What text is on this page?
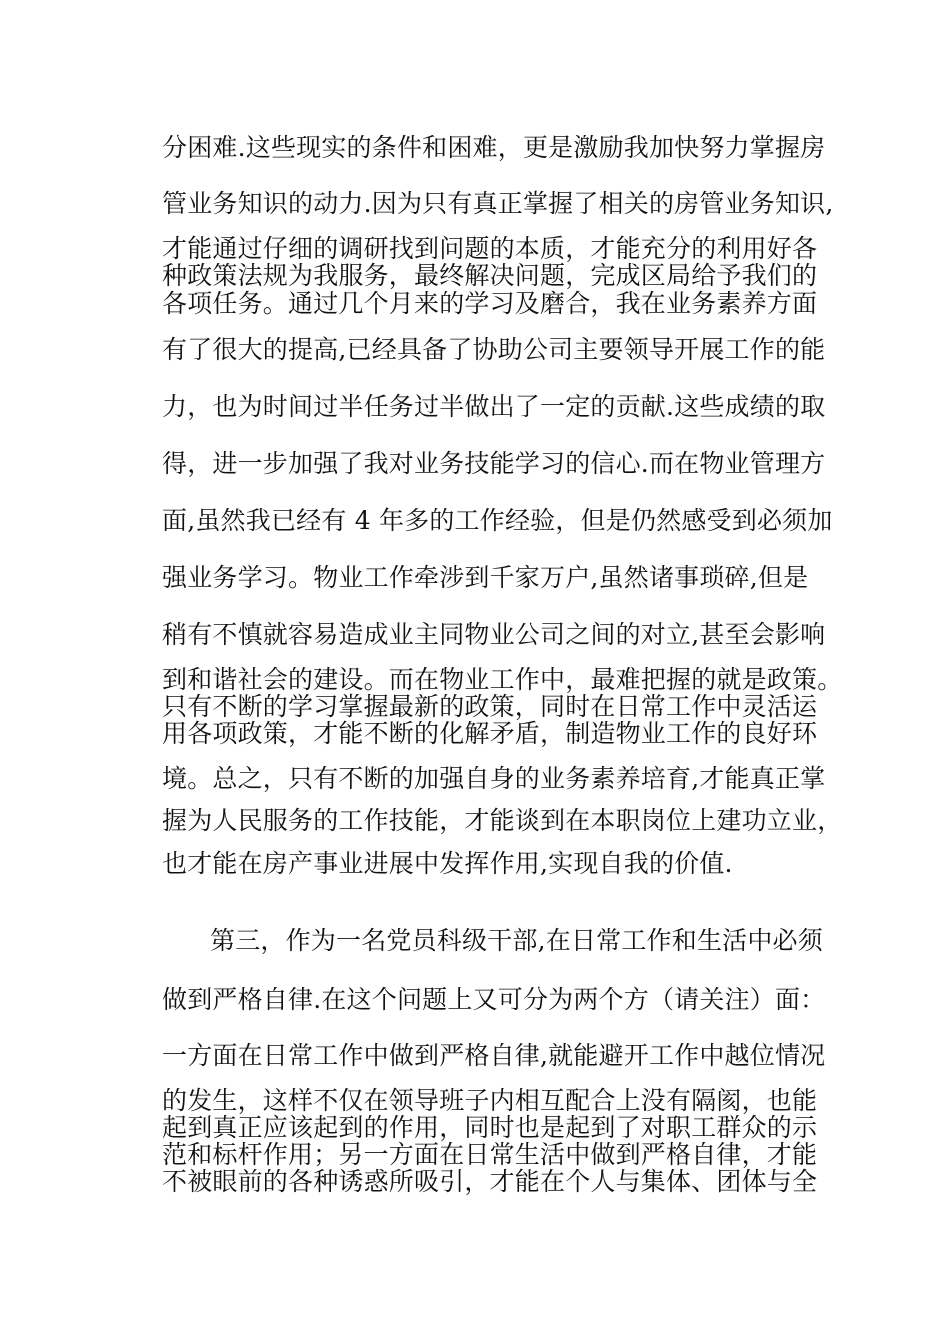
分困难.这些现实的条件和困难，更是激励我加快努力掌握房
管业务知识的动力.因为只有真正掌握了相关的房管业务知识,
才能通过仔细的调研找到问题的本质，才能充分的利用好各
种政策法规为我服务，最终解决问题，完成区局给予我们的
各项任务。通过几个月来的学习及磨合，我在业务素养方面
有了很大的提高,已经具备了协助公司主要领导开展工作的能
力，也为时间过半任务过半做出了一定的贡献.这些成绩的取
得，进一步加强了我对业务技能学习的信心.而在物业管理方
面,虽然我已经有 4 年多的工作经验，但是仍然感受到必须加
强业务学习。物业工作牵涉到千家万户,虽然诸事琐碎,但是
稍有不慎就容易造成业主同物业公司之间的对立,甚至会影响
到和谐社会的建设。而在物业工作中，最难把握的就是政策。
只有不断的学习掌握最新的政策，同时在日常工作中灵活运
用各项政策，才能不断的化解矛盾，制造物业工作的良好环
境。总之，只有不断的加强自身的业务素养培育,才能真正掌
握为人民服务的工作技能，才能谈到在本职岗位上建功立业，
也才能在房产事业进展中发挥作用,实现自我的价值.
第三，作为一名党员科级干部,在日常工作和生活中必须
做到严格自律.在这个问题上又可分为两个方（请关注）面：
一方面在日常工作中做到严格自律,就能避开工作中越位情况
的发生，这样不仅在领导班子内相互配合上没有隔阂，也能
起到真正应该起到的作用，同时也是起到了对职工群众的示
范和标杆作用；另一方面在日常生活中做到严格自律，才能
不被眼前的各种诱惑所吸引，才能在个人与集体、团体与全
